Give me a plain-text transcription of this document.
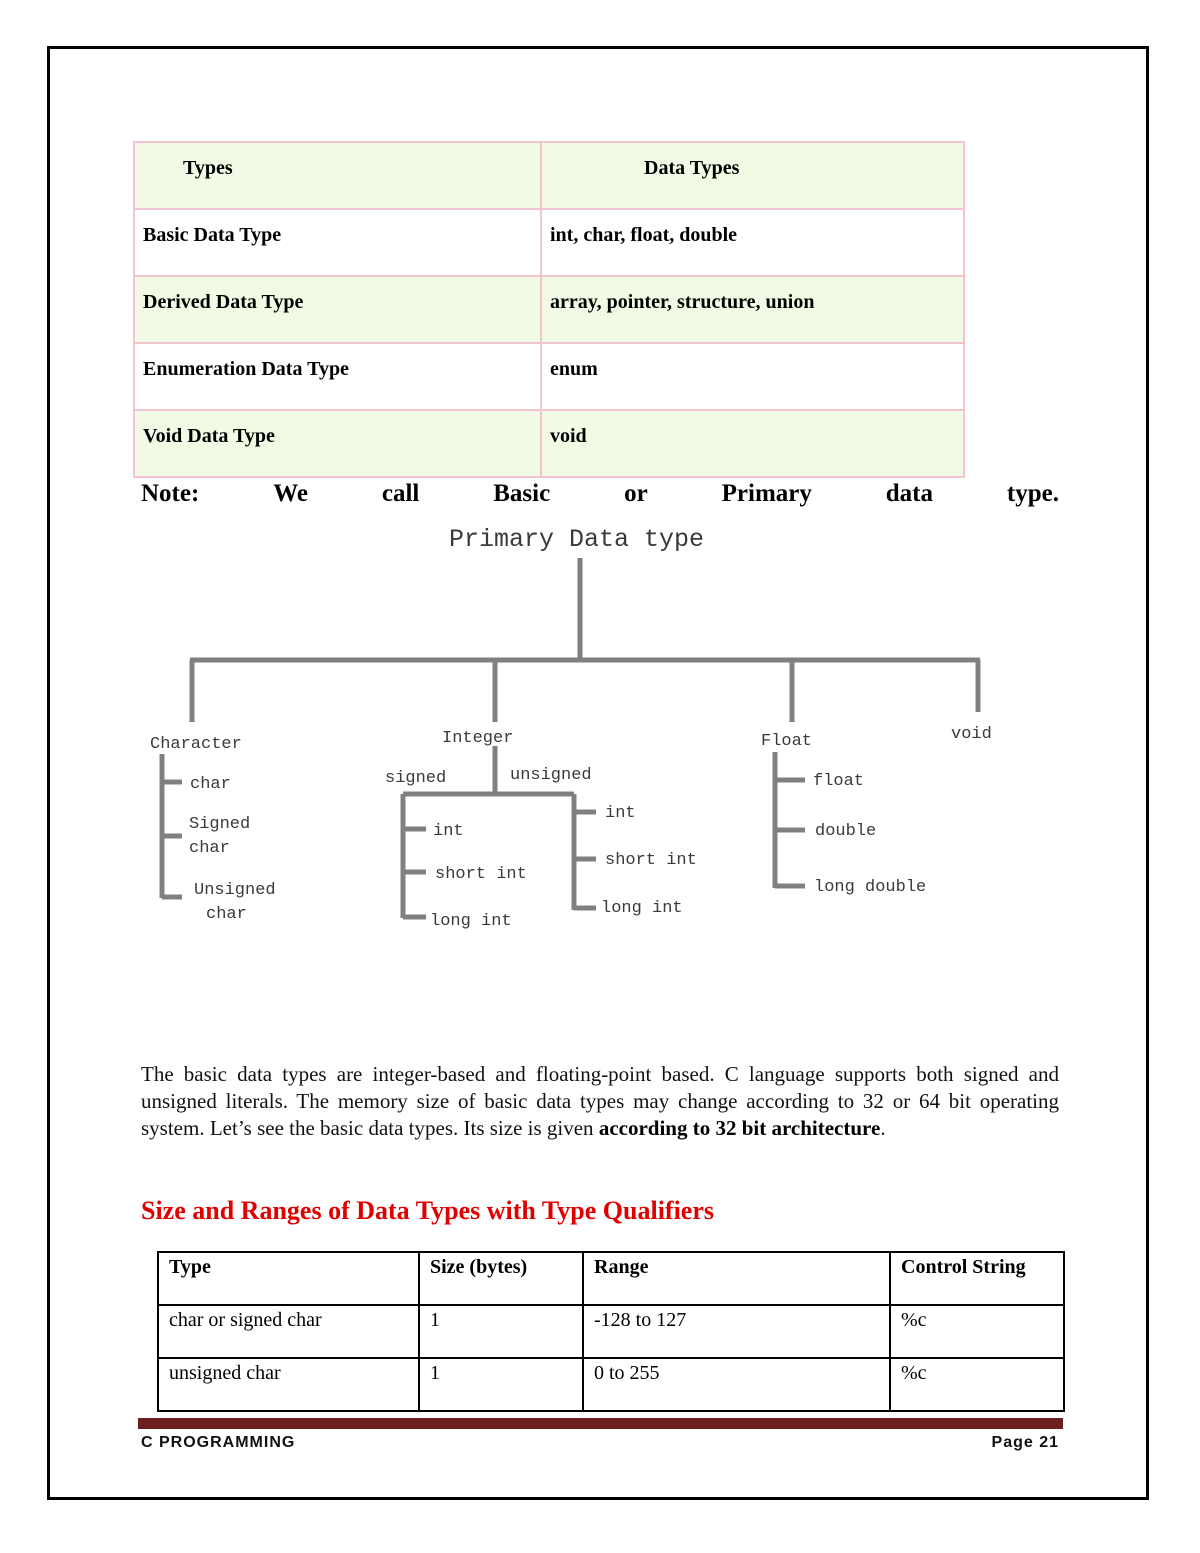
Types	Data Types
Basic Data Type	int, char, float, double
Derived Data Type	array, pointer, structure, union
Enumeration Data Type	enum
Void Data Type	void
Note:	We	call	Basic	or	Primary	data	type.
Primary Data type
Character
char
Signed
char
Unsigned
char
Integer
signed	unsigned
int
short int
long int
int
short int
long int
Float
float
double
long double
void
The basic data types are integer-based and floating-point based. C language supports both signed and unsigned literals. The memory size of basic data types may change according to 32 or 64 bit operating system. Let’s see the basic data types. Its size is given according to 32 bit architecture.
Size and Ranges of Data Types with Type Qualifiers
Type	Size (bytes)	Range	Control String
char or signed char	1	-128 to 127	%c
unsigned char	1	0 to 255	%c
C PROGRAMMING	Page 21
